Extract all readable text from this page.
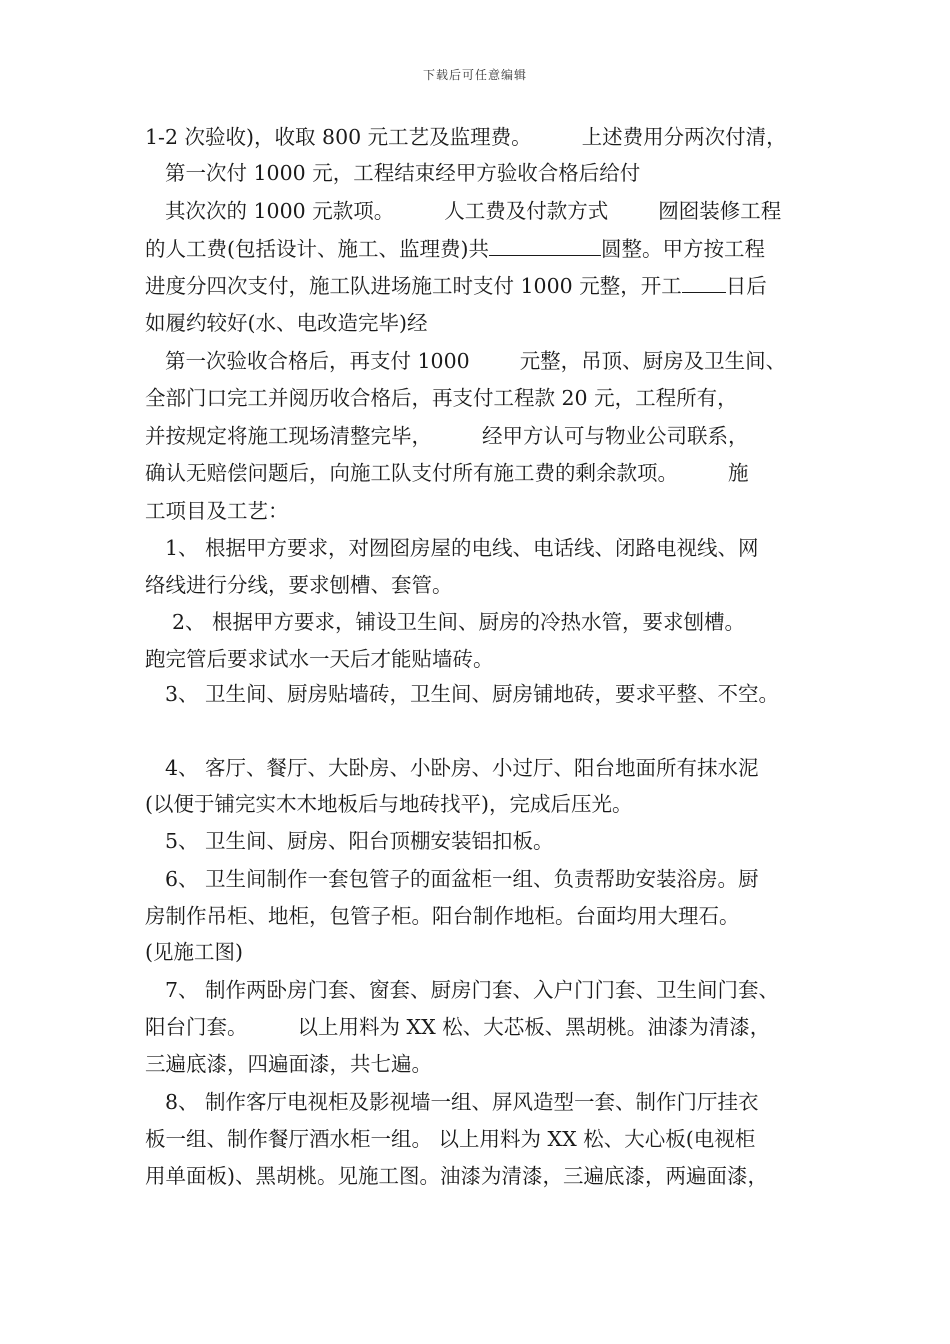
下载后可任意编辑
1-2 次验收)，收取 800 元工艺及监理费。 上述费用分两次付清，
第一次付 1000 元，工程结束经甲方验收合格后给付
其次次的 1000 元款项。 人工费及付款方式 囫囵装修工程
的人工费(包括设计、施工、监理费)共	圆整。甲方按工程
进度分四次支付，施工队进场施工时支付 1000 元整，开工 日后
如履约较好(水、电改造完毕)经
第一次验收合格后，再支付 1000 元整，吊顶、厨房及卫生间、
全部门口完工并阅历收合格后，再支付工程款 20 元，工程所有，
并按规定将施工现场清整完毕， 经甲方认可与物业公司联系，
确认无赔偿问题后，向施工队支付所有施工费的剩余款项。 施
工项目及工艺：
1、 根据甲方要求，对囫囵房屋的电线、电话线、闭路电视线、网
络线进行分线，要求刨槽、套管。
2、 根据甲方要求，铺设卫生间、厨房的冷热水管，要求刨槽。
跑完管后要求试水一天后才能贴墙砖。
3、 卫生间、厨房贴墙砖，卫生间、厨房铺地砖，要求平整、不空。
4、 客厅、餐厅、大卧房、小卧房、小过厅、阳台地面所有抹水泥
(以便于铺完实木木地板后与地砖找平)，完成后压光。
5、 卫生间、厨房、阳台顶棚安装铝扣板。
6、 卫生间制作一套包管子的面盆柜一组、负责帮助安装浴房。厨
房制作吊柜、地柜，包管子柜。阳台制作地柜。台面均用大理石。
(见施工图)
7、 制作两卧房门套、窗套、厨房门套、入户门门套、卫生间门套、
阳台门套。 以上用料为 XX 松、大芯板、黑胡桃。油漆为清漆，
三遍底漆，四遍面漆，共七遍。
8、 制作客厅电视柜及影视墙一组、屏风造型一套、制作门厅挂衣
板一组、制作餐厅酒水柜一组。 以上用料为 XX 松、大心板(电视柜
用单面板)、黑胡桃。见施工图。油漆为清漆，三遍底漆，两遍面漆，
